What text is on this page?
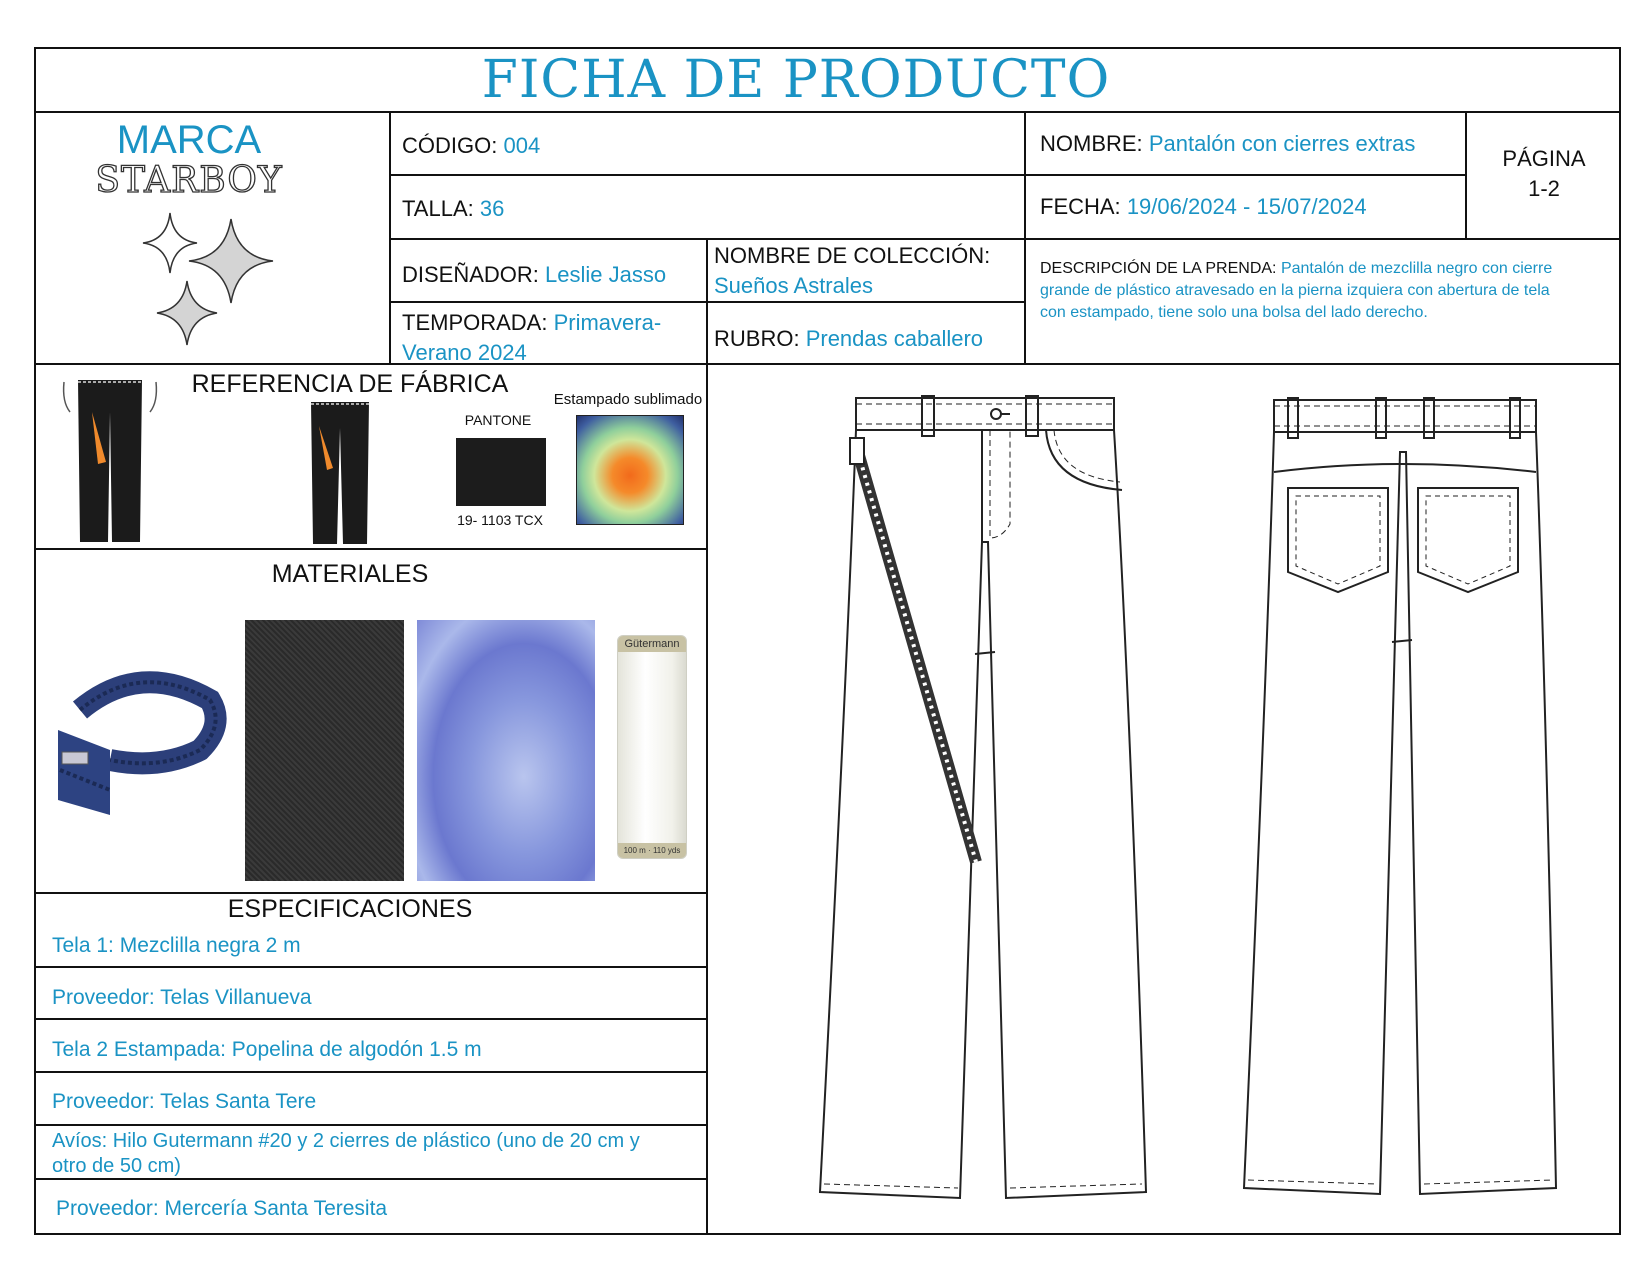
FICHA DE PRODUCTO
MARCA
STARBOY
CÓDIGO: 004
TALLA: 36
NOMBRE: Pantalón con cierres extras
FECHA: 19/06/2024 - 15/07/2024
PÁGINA
1-2
DISEÑADOR: Leslie Jasso
NOMBRE DE COLECCIÓN:
Sueños Astrales
TEMPORADA: Primavera-
Verano 2024
RUBRO: Prendas caballero
DESCRIPCIÓN DE LA PRENDA: Pantalón de mezclilla negro con cierre
grande de plástico atravesado en la pierna izquiera con abertura de tela
con estampado, tiene solo una bolsa del lado derecho.
REFERENCIA DE FÁBRICA
PANTONE
19- 1103 TCX
Estampado sublimado
MATERIALES
Gütermann
100 m · 110 yds
ESPECIFICACIONES
Tela 1: Mezclilla negra 2 m
Proveedor: Telas Villanueva
Tela 2 Estampada: Popelina de algodón 1.5 m
Proveedor: Telas Santa Tere
Avíos: Hilo Gutermann #20 y 2 cierres de plástico (uno de 20 cm y
otro de 50 cm)
Proveedor: Mercería Santa Teresita
